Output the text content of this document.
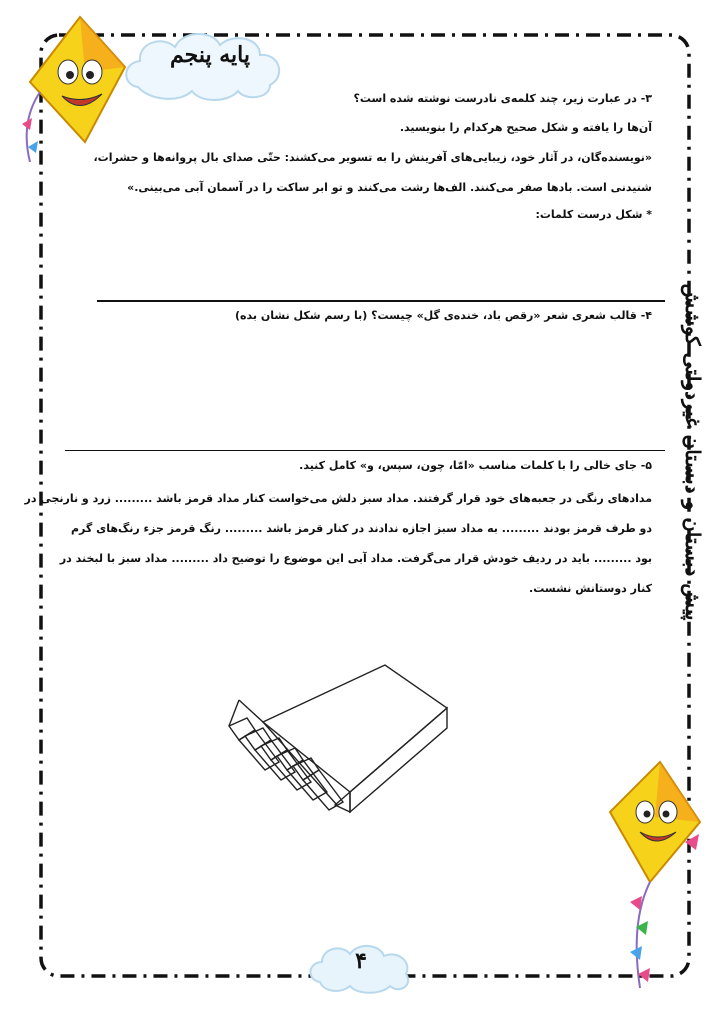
پایه پنجم
۳- در عبارت زیر، چند کلمه‌ی نادرست نوشته شده است؟
آن‌ها را یافته و شکل صحیح هرکدام را بنویسید.
«نویسنده‌گان، در آثار خود، زیبایی‌های آفرینش را به تسویر می‌کشند: حتّی صدای بال پروانه‌ها و حشرات،
شنیدنی است. بادها صفر می‌کنند. الف‌ها رشت می‌کنند و تو ابر ساکت را در آسمان آبی می‌بینی.»
* شکل درست کلمات:
۴- قالب شعری شعر «رقص باد، خنده‌ی گل» چیست؟ (با رسم شکل نشان بده)
۵- جای خالی را با کلمات مناسب «امّا، چون، سپس، و» کامل کنید.
مدادهای رنگی در جعبه‌های خود قرار گرفتند. مداد سبز دلش می‌خواست کنار مداد قرمز باشد ......... زرد و نارنجی در
دو طرف قرمز بودند ......... به مداد سبز اجازه ندادند در کنار قرمز باشد ......... رنگ قرمز جزء رنگ‌های گرم
بود ......... باید در ردیف خودش قرار می‌گرفت. مداد آبی این موضوع را توضیح داد ......... مداد سبز با لبخند در
کنار دوستانش نشست. پیش دبستان و دبستان غیردولتی کوشش
۴
